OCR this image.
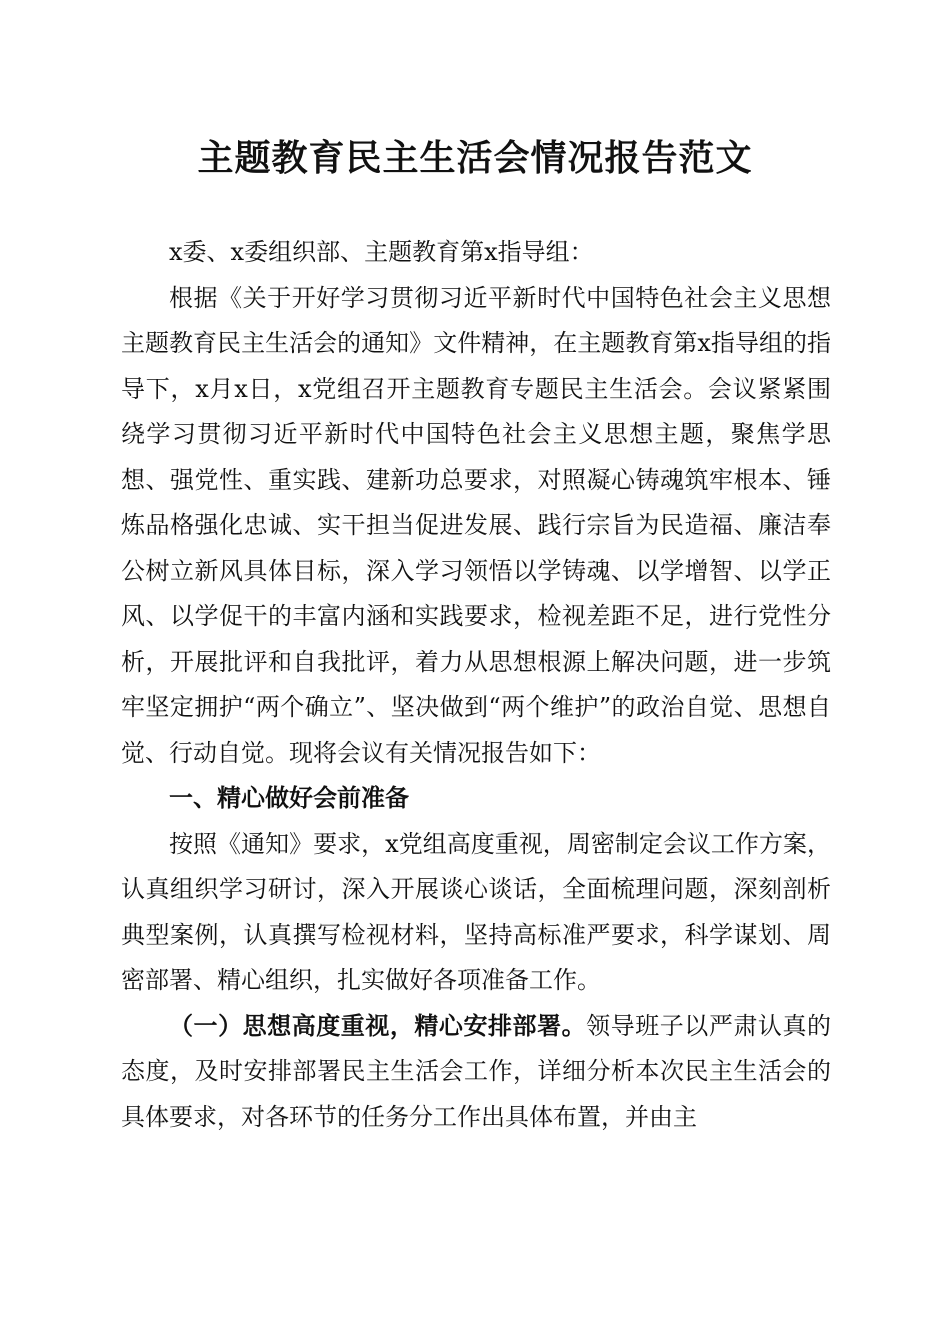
主题教育民主生活会情况报告范文

x委、x委组织部、主题教育第x指导组：

根据《关于开好学习贯彻习近平新时代中国特色社会主义思想主题教育民主生活会的通知》文件精神，在主题教育第x指导组的指导下，x月x日，x党组召开主题教育专题民主生活会。会议紧紧围绕学习贯彻习近平新时代中国特色社会主义思想主题，聚焦学思想、强党性、重实践、建新功总要求，对照凝心铸魂筑牢根本、锤炼品格强化忠诚、实干担当促进发展、践行宗旨为民造福、廉洁奉公树立新风具体目标，深入学习领悟以学铸魂、以学增智、以学正风、以学促干的丰富内涵和实践要求，检视差距不足，进行党性分析，开展批评和自我批评，着力从思想根源上解决问题，进一步筑牢坚定拥护“两个确立”、坚决做到“两个维护”的政治自觉、思想自觉、行动自觉。现将会议有关情况报告如下：

一、精心做好会前准备

按照《通知》要求，x党组高度重视，周密制定会议工作方案，认真组织学习研讨，深入开展谈心谈话，全面梳理问题，深刻剖析典型案例，认真撰写检视材料，坚持高标准严要求，科学谋划、周密部署、精心组织，扎实做好各项准备工作。

（一）思想高度重视，精心安排部署。领导班子以严肃认真的态度，及时安排部署民主生活会工作，详细分析本次民主生活会的具体要求，对各环节的任务分工作出具体布置，并由主
